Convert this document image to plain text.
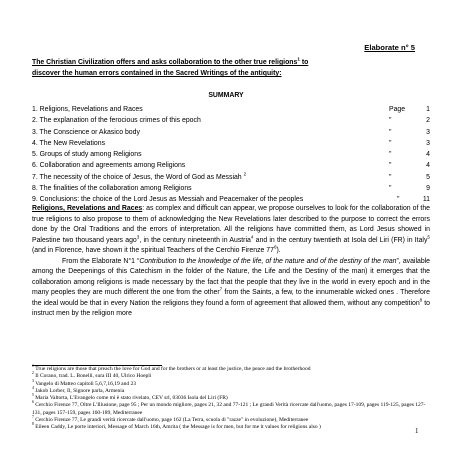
Elaborate n° 5
The Christian Civilization offers and asks collaboration to the other true religions$^1$ to
discover the human errors contained in the Sacred Writings of the antiquity:
SUMMARY
1. Religions, Revelations and Races	Page	1
2. The explanation of the ferocious crimes of this epoch	"	2
3. The Conscience or Akasico body	"	3
4. The New Revelations	"	3
5. Groups of study among Religions	"	4
6. Collaboration and agreements among Religions	"	4
7. The necessity of the choice of Jesus, the Word of God as Messiah $^2$	"	5
8. The finalities of the collaboration among Religions	"	9
9. Conclusions: the choice of the Lord Jesus as Messiah and Peacemaker of the peoples	"	11
Religions, Revelations and Races: as complex and difficult can appear, we propose ourselves to look for the collaboration of the true religions to also propose to them of acknowledging the New Revelations later described to the purpose to correct the errors done by the Oral Traditions and the errors of interpretation. All the religions have committed them, as Lord Jesus showed in Palestine two thousand years ago$^3$, in the century nineteenth in Austria$^4$ and in the century twentieth at Isola del Liri (FR) in Italy$^5$ (and in Florence, have shown it the spiritual Teachers of the Cerchio Firenze $77^6$).
From the Elaborate N°1 “Contribution to the knowledge of the life, of the nature and of the destiny of the man”, available among the Deepenings of this Catechism in the folder of the Nature, the Life and the Destiny of the man) it emerges that the collaboration among religions is made necessary by the fact that the people that they live in the world in every epoch and in the many peoples they are much different the one from the other$^7$ from the Saints, a few, to the innumerable wicked ones . Therefore the ideal would be that in every Nation the religions they found a form of agreement that allowed them, without any competition$^8$ to instruct men by the religion more

$^1$ True religions are those that preach the love for God and for the brothers or at least the justice, the peace and the brotherhood

$^2$ Il Corano, trad. L. Bonelli, sura III 40, Ulrico Hoepli

$^3$ Vangelo di Matteo capitoli 5,6,7,16,19 and 23

$^4$ Jakob Lorber, Il, Signore parla, Armenia

$^5$ Maria Valtorta, L'Evangelo come mi è stato rivelato, CEV srl, 03036 Isola del Liri (FR)

$^6$ Cerchio Firenze 77, Oltre L'Illusione, page 95 ; Per un mondo migliore, pages 21, 32 and 77-121 ; Le grandi Verità ricercate dall'uomo, pages 17-109, pages 119-125, pages 127-131, pages 157-159, pages 160-189, Mediterranee

$^7$ Cerchio Firenze 77, Le grandi verità ricercate dall'uomo, page 162 (La Terra, scuola di "razze" in evoluzione), Mediterranee

$^8$ Eileen Caddy, Le porte interiori, Message of March 16th, Amrita ( the Message is for men, but for me it values for religions also )

1
